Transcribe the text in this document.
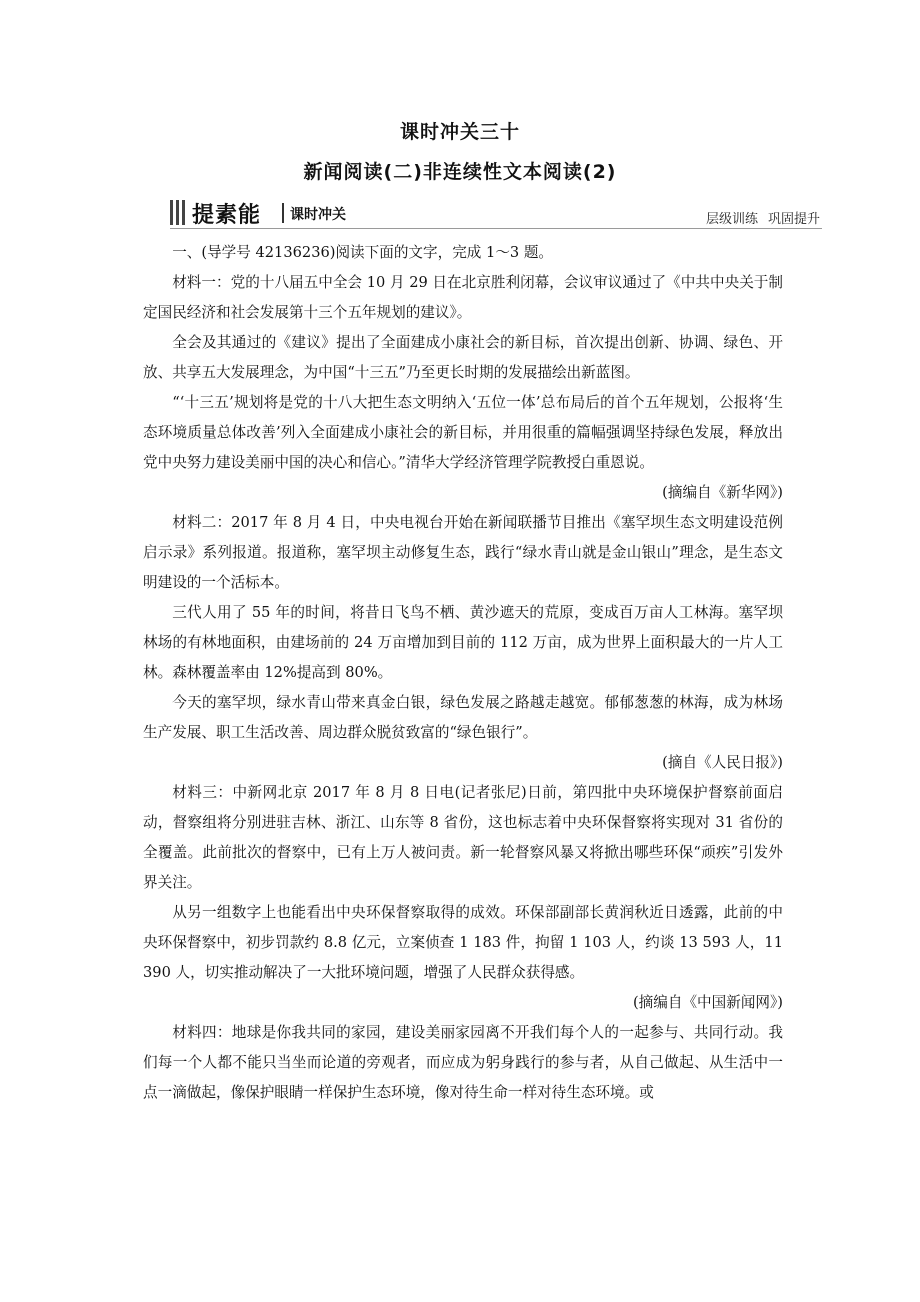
课时冲关三十
新闻阅读(二)非连续性文本阅读(2)
提素能 课时冲关	层级训练 巩固提升

一、(导学号 42136236)阅读下面的文字，完成 1～3 题。

材料一：党的十八届五中全会 10 月 29 日在北京胜利闭幕，会议审议通过了《中共中央关于制定国民经济和社会发展第十三个五年规划的建议》。

全会及其通过的《建议》提出了全面建成小康社会的新目标，首次提出创新、协调、绿色、开放、共享五大发展理念，为中国“十三五”乃至更长时期的发展描绘出新蓝图。

“‘十三五’规划将是党的十八大把生态文明纳入‘五位一体’总布局后的首个五年规划，公报将‘生态环境质量总体改善’列入全面建成小康社会的新目标，并用很重的篇幅强调坚持绿色发展，释放出党中央努力建设美丽中国的决心和信心。”清华大学经济管理学院教授白重恩说。

(摘编自《新华网》)

材料二：2017 年 8 月 4 日，中央电视台开始在新闻联播节目推出《塞罕坝生态文明建设范例启示录》系列报道。报道称，塞罕坝主动修复生态，践行“绿水青山就是金山银山”理念，是生态文明建设的一个活标本。

三代人用了 55 年的时间，将昔日飞鸟不栖、黄沙遮天的荒原，变成百万亩人工林海。塞罕坝林场的有林地面积，由建场前的 24 万亩增加到目前的 112 万亩，成为世界上面积最大的一片人工林。森林覆盖率由 12%提高到 80%。

今天的塞罕坝，绿水青山带来真金白银，绿色发展之路越走越宽。郁郁葱葱的林海，成为林场生产发展、职工生活改善、周边群众脱贫致富的“绿色银行”。

(摘自《人民日报》)

材料三：中新网北京 2017 年 8 月 8 日电(记者张尼)日前，第四批中央环境保护督察前面启动，督察组将分别进驻吉林、浙江、山东等 8 省份，这也标志着中央环保督察将实现对 31 省份的全覆盖。此前批次的督察中，已有上万人被问责。新一轮督察风暴又将掀出哪些环保“顽疾”引发外界关注。

从另一组数字上也能看出中央环保督察取得的成效。环保部副部长黄润秋近日透露，此前的中央环保督察中，初步罚款约 8.8 亿元，立案侦查 1 183 件，拘留 1 103 人，约谈 13 593 人，11 390 人，切实推动解决了一大批环境问题，增强了人民群众获得感。

(摘编自《中国新闻网》)

材料四：地球是你我共同的家园，建设美丽家园离不开我们每个人的一起参与、共同行动。我们每一个人都不能只当坐而论道的旁观者，而应成为躬身践行的参与者，从自己做起、从生活中一点一滴做起，像保护眼睛一样保护生态环境，像对待生命一样对待生态环境。或
